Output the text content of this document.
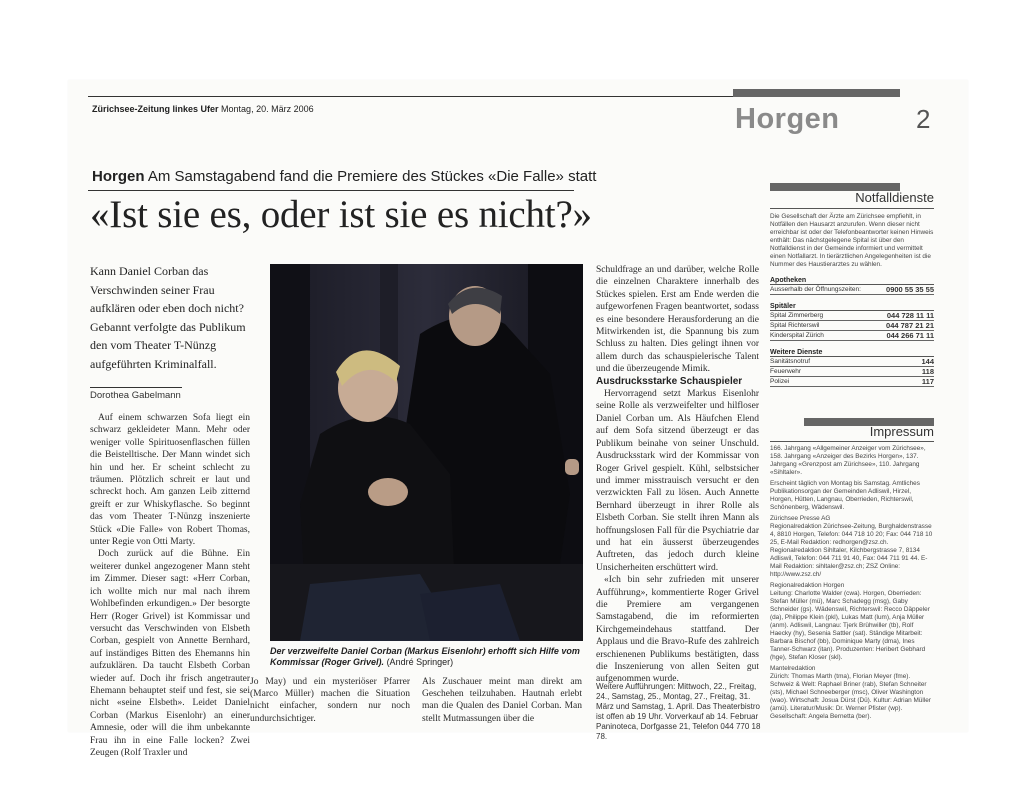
Zürichsee-Zeitung linkes Ufer Montag, 20. März 2006	Horgen	2
Horgen Am Samstagabend fand die Premiere des Stückes «Die Falle» statt
«Ist sie es, oder ist sie es nicht?»
Kann Daniel Corban das Verschwinden seiner Frau aufklären oder eben doch nicht? Gebannt verfolgte das Publikum den vom Theater T-Nünzg aufgeführten Kriminalfall.
Dorothea Gabelmann

Auf einem schwarzen Sofa liegt ein schwarz gekleideter Mann. Mehr oder weniger volle Spirituosenflaschen füllen die Beistelltische. Der Mann windet sich hin und her. Er scheint schlecht zu träumen. Plötzlich schreit er laut und schreckt hoch. Am ganzen Leib zitternd greift er zur Whiskyflasche. So beginnt das vom Theater T-Nünzg inszenierte Stück «Die Falle» von Robert Thomas, unter Regie von Otti Marty.

Doch zurück auf die Bühne. Ein weiterer dunkel angezogener Mann steht im Zimmer. Dieser sagt: «Herr Corban, ich wollte mich nur mal nach ihrem Wohlbefinden erkundigen.» Der besorgte Herr (Roger Grivel) ist Kommissar und versucht das Verschwinden von Elsbeth Corban, gespielt von Annette Bernhard, auf inständiges Bitten des Ehemanns hin aufzuklären. Da taucht Elsbeth Corban wieder auf. Doch ihr frisch angetrauter Ehemann behauptet steif und fest, sie sei nicht «seine Elsbeth». Leidet Daniel Corban (Markus Eisenlohr) an einer Amnesie, oder will die ihm unbekannte Frau ihn in eine Falle locken? Zwei Zeugen (Rolf Traxler und

Jo May) und ein mysteriöser Pfarrer (Marco Müller) machen die Situation nicht einfacher, sondern nur noch undurchsichtiger.
Als Zuschauer meint man direkt am Geschehen teilzuhaben. Hautnah erlebt man die Qualen des Daniel Corban. Man stellt Mutmassungen über die
Der verzweifelte Daniel Corban (Markus Eisenlohr) erhofft sich Hilfe vom Kommissar (Roger Grivel). (André Springer)

Schuldfrage an und darüber, welche Rolle die einzelnen Charaktere innerhalb des Stückes spielen. Erst am Ende werden die aufgeworfenen Fragen beantwortet, sodass es eine besondere Herausforderung an die Mitwirkenden ist, die Spannung bis zum Schluss zu halten. Dies gelingt ihnen vor allem durch das schauspielerische Talent und die überzeugende Mimik.

Ausdrucksstarke Schauspieler

Hervorragend setzt Markus Eisenlohr seine Rolle als verzweifelter und hilfloser Daniel Corban um. Als Häufchen Elend auf dem Sofa sitzend überzeugt er das Publikum beinahe von seiner Unschuld. Ausdrucksstark wird der Kommissar von Roger Grivel gespielt. Kühl, selbstsicher und immer misstrauisch versucht er den verzwickten Fall zu lösen. Auch Annette Bernhard überzeugt in ihrer Rolle als Elsbeth Corban. Sie stellt ihren Mann als hoffnungslosen Fall für die Psychiatrie dar und hat ein äusserst überzeugendes Auftreten, das jedoch durch kleine Unsicherheiten erschüttert wird.

«Ich bin sehr zufrieden mit unserer Aufführung», kommentierte Roger Grivel die Premiere am vergangenen Samstagabend, die im reformierten Kirchgemeindehaus stattfand. Der Applaus und die Bravo-Rufe des zahlreich erschienenen Publikums bestätigten, dass die Inszenierung von allen Seiten gut aufgenommen wurde.

Weitere Aufführungen: Mittwoch, 22., Freitag, 24., Samstag, 25., Montag, 27., Freitag, 31. März und Samstag, 1. April. Das Theaterbistro ist offen ab 19 Uhr. Vorverkauf ab 14. Februar Paninoteca, Dorfgasse 21, Telefon 044 770 18 78.
Notfalldienste
Die Gesellschaft der Ärzte am Zürichsee empfiehlt, in Notfällen den Hausarzt anzurufen. Wenn dieser nicht erreichbar ist oder der Telefonbeantworter keinen Hinweis enthält: Das nächstgelegene Spital ist über den Notfalldienst in der Gemeinde informiert und vermittelt einen Notfallarzt. In tierärztlichen Angelegenheiten ist die Nummer des Haustierarztes zu wählen.
Apotheken
Ausserhalb der Öffnungszeiten:	0900 55 35 55
Spitäler
Spital Zimmerberg	044 728 11 11
Spital Richterswil	044 787 21 21
Kinderspital Zürich	044 266 71 11
Weitere Dienste
Sanitätsnotruf	144
Feuerwehr	118
Polizei	117
Impressum
166. Jahrgang «Allgemeiner Anzeiger vom Zürichsee», 158. Jahrgang «Anzeiger des Bezirks Horgen», 137. Jahrgang «Grenzpost am Zürichsee», 110. Jahrgang «Sihltaler».
Erscheint täglich von Montag bis Samstag. Amtliches Publikationsorgan der Gemeinden Adliswil, Hirzel, Horgen, Hütten, Langnau, Oberrieden, Richterswil, Schönenberg, Wädenswil.
Zürichsee Presse AG
Regionalredaktion Zürichsee-Zeitung, Burghaldenstrasse 4, 8810 Horgen, Telefon: 044 718 10 20; Fax: 044 718 10 25, E-Mail Redaktion: redhorgen@zsz.ch. Regionalredaktion Sihltaler, Kilchbergstrasse 7, 8134 Adliswil, Telefon: 044 711 91 40, Fax: 044 711 91 44. E-Mail Redaktion: sihltaler@zsz.ch; ZSZ Online: http://www.zsz.ch/
Regionalredaktion Horgen
Leitung: Charlotte Walder (cwa). Horgen, Oberrieden: Stefan Müller (mü), Marc Schadegg (msg), Gaby Schneider (gs). Wädenswil, Richterswil: Recco Däppeler (da), Philippe Klein (pkl), Lukas Matt (lum), Anja Müller (anm). Adliswil, Langnau: Tjerk Brühwiller (tb), Rolf Haecky (hy), Sesenia Sattler (sat). Ständige Mitarbeit: Barbara Bischof (bb), Dominique Marty (dma), Ines Tanner-Schwarz (itan). Produzenten: Heribert Gebhard (hge), Stefan Kloser (skl).
Mantelredaktion
Zürich: Thomas Marth (tma), Florian Meyer (fme). Schweiz & Welt: Raphael Briner (rab), Stefan Schneiter (sts), Michael Schneeberger (msc), Oliver Washington (wao). Wirtschaft: Josua Dürst (Dü). Kultur: Adrian Müller (amü). Literatur/Musik: Dr. Werner Pfister (wp). Gesellschaft: Angela Bernetta (ber).
